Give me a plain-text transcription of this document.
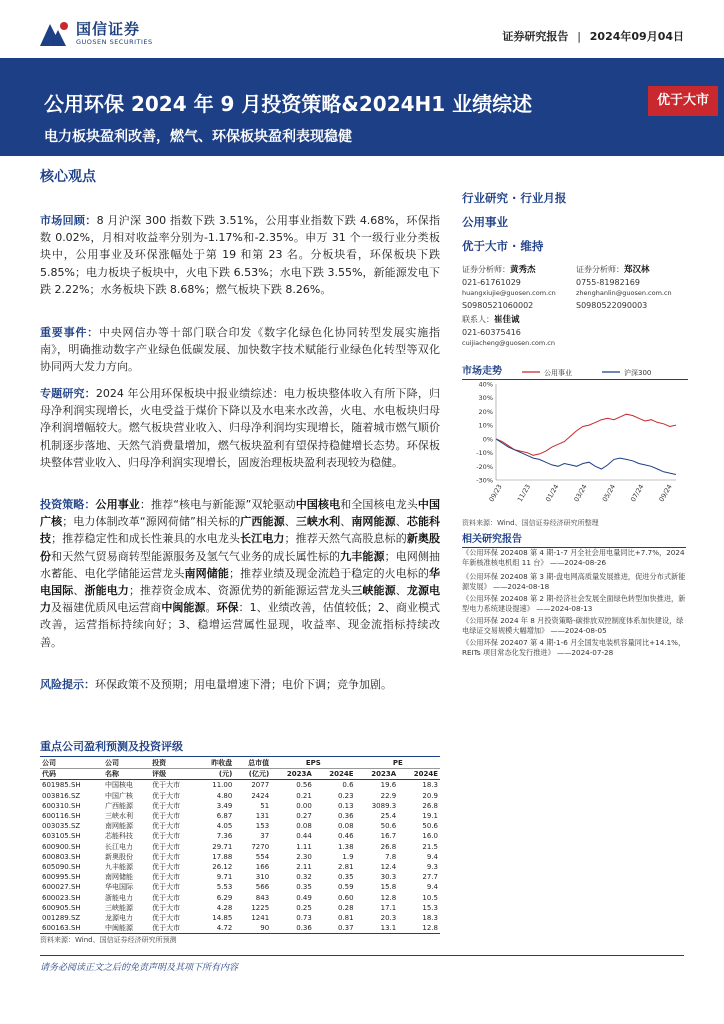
国信证券
GUOSEN SECURITIES	证券研究报告 | 2024年09月04日
公用环保 2024 年 9 月投资策略&2024H1 业绩综述
电力板块盈利改善，燃气、环保板块盈利表现稳健
优于大市
核心观点
市场回顾：8 月沪深 300 指数下跌 3.51%，公用事业指数下跌 4.68%，环保指数 0.02%，月相对收益率分别为-1.17%和-2.35%。申万 31 个一级行业分类板块中，公用事业及环保涨幅处于第 19 和第 23 名。分板块看，环保板块下跌 5.85%；电力板块子板块中，火电下跌 6.53%；水电下跌 3.55%，新能源发电下跌 2.22%；水务板块下跌 8.68%；燃气板块下跌 8.26%。
重要事件：中央网信办等十部门联合印发《数字化绿色化协同转型发展实施指南》，明确推动数字产业绿色低碳发展、加快数字技术赋能行业绿色化转型等双化协同两大发力方向。
专题研究：2024 年公用环保板块中报业绩综述：电力板块整体收入有所下降，归母净利润实现增长，火电受益于煤价下降以及水电来水改善，火电、水电板块归母净利润增幅较大。燃气板块营业收入、归母净利润均实现增长，随着城市燃气顺价机制逐步落地、天然气消费量增加，燃气板块盈利有望保持稳健增长态势。环保板块整体营业收入、归母净利润实现增长，固废治理板块盈利表现较为稳健。
投资策略：公用事业：推荐“核电与新能源”双轮驱动中国核电和全国核电龙头中国广核；电力体制改革“源网荷储”相关标的广西能源、三峡水利、南网能源、芯能科技；推荐稳定性和成长性兼具的水电龙头长江电力；推荐天然气高股息标的新奥股份和天然气贸易商转型能源服务及氢气气业务的成长属性标的九丰能源；电网侧抽水蓄能、电化学储能运营龙头南网储能；推荐业绩及现金流趋于稳定的火电标的华电国际、浙能电力；推荐资金成本、资源优势的新能源运营龙头三峡能源、龙源电力及福建优质风电运营商中闽能源。环保：1、业绩改善，估值较低；2、商业模式改善，运营指标持续向好；3、稳增运营属性显现，收益率、现金流指标持续改善。
风险提示：环保政策不及预期；用电量增速下滑；电价下调；竞争加剧。
行业研究 · 行业月报
公用事业
优于大市 · 维持
证券分析师：黄秀杰
021-61761029
huangxiujie@guosen.com.cn
S0980521060002
证券分析师：郑汉林
0755-81982169
zhenghanlin@guosen.com.cn
S0980522090003
联系人：崔佳诚
021-60375416
cuijiacheng@guosen.com.cn
市场走势	公用事业	沪深300
09/23 11/23 01/24 03/24 05/24 07/24 09/24
40%
30%
20%
10%
0%
-10%
-20%
-30%
资料来源：Wind、国信证券经济研究所整理
相关研究报告
《公用环保 202408 第 4 期-1-7 月全社会用电量同比+7.7%，2024 年新核准核电机组 11 台》 ——2024-08-26
《公用环保 202408 第 3 期-盘电网高质量发展推进，促进分布式新能源发展》 ——2024-08-18
《公用环保 202408 第 2 期-经济社会发展全面绿色转型加快推进，新型电力系统建设提速》 ——2024-08-13
《公用环保 2024 年 8 月投资策略-碳排放双控制度体系加快建设，绿电绿证交易规模大幅增加》 ——2024-08-05
《公用环保 202407 第 4 期-1-6 月全国发电装机容量同比+14.1%，REITs 项目常态化发行推进》 ——2024-07-28
重点公司盈利预测及投资评级
公司	公司	投资	昨收盘	总市值	EPS		PE	
代码	名称	评级	(元)	(亿元)	2023A	2024E	2023A	2024E
601985.SH	中国核电	优于大市	11.00	2077	0.56	0.6	19.6	18.3
003816.SZ	中国广核	优于大市	4.80	2424	0.21	0.23	22.9	20.9
600310.SH	广西能源	优于大市	3.49	51	0.00	0.13	3089.3	26.8
600116.SH	三峡水利	优于大市	6.87	131	0.27	0.36	25.4	19.1
003035.SZ	南网能源	优于大市	4.05	153	0.08	0.08	50.6	50.6
603105.SH	芯能科技	优于大市	7.36	37	0.44	0.46	16.7	16.0
600900.SH	长江电力	优于大市	29.71	7270	1.11	1.38	26.8	21.5
600803.SH	新奥股份	优于大市	17.88	554	2.30	1.9	7.8	9.4
605090.SH	九丰能源	优于大市	26.12	166	2.11	2.81	12.4	9.3
600995.SH	南网储能	优于大市	9.71	310	0.32	0.35	30.3	27.7
600027.SH	华电国际	优于大市	5.53	566	0.35	0.59	15.8	9.4
600023.SH	浙能电力	优于大市	6.29	843	0.49	0.60	12.8	10.5
600905.SH	三峡能源	优于大市	4.28	1225	0.25	0.28	17.1	15.3
001289.SZ	龙源电力	优于大市	14.85	1241	0.73	0.81	20.3	18.3
600163.SH	中闽能源	优于大市	4.72	90	0.36	0.37	13.1	12.8
资料来源：Wind、国信证券经济研究所预测
请务必阅读正文之后的免责声明及其项下所有内容
